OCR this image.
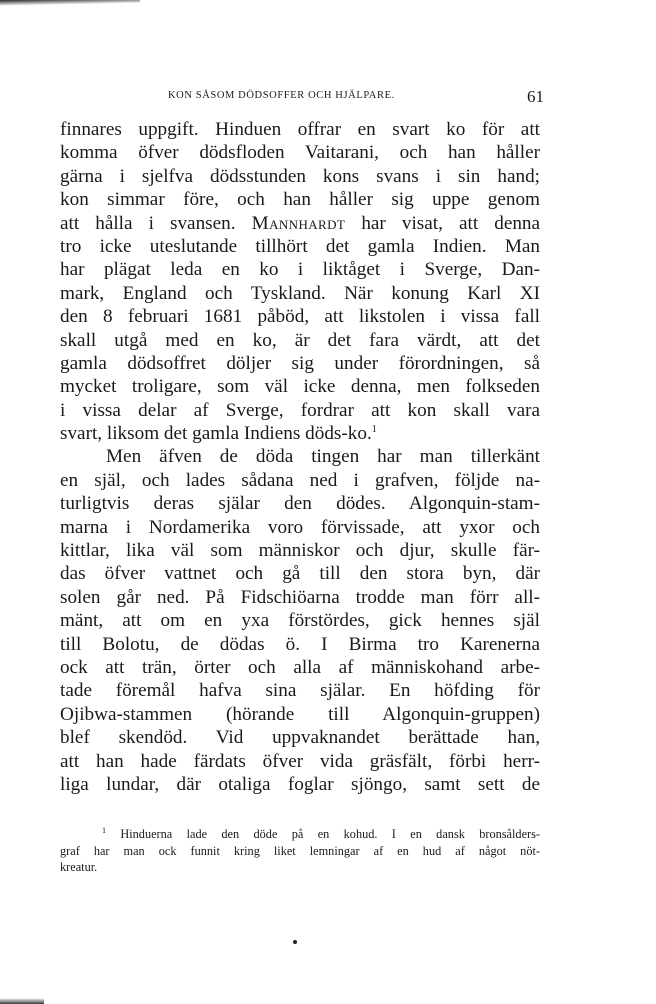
KON SÅSOM DÖDSOFFER OCH HJÄLPARE.	61
finnares uppgift. Hinduen offrar en svart ko för att
komma öfver dödsfloden Vaitarani, och han håller
gärna i sjelfva dödsstunden kons svans i sin hand;
kon simmar före, och han håller sig uppe genom
att hålla i svansen. Mannhardt har visat, att denna
tro icke uteslutande tillhört det gamla Indien. Man
har plägat leda en ko i liktåget i Sverge, Dan-
mark, England och Tyskland. När konung Karl XI
den 8 februari 1681 påböd, att likstolen i vissa fall
skall utgå med en ko, är det fara värdt, att det
gamla dödsoffret döljer sig under förordningen, så
mycket troligare, som väl icke denna, men folkseden
i vissa delar af Sverge, fordrar att kon skall vara
svart, liksom det gamla Indiens döds-ko.$^1$
Men äfven de döda tingen har man tillerkänt
en själ, och lades sådana ned i grafven, följde na-
turligtvis deras själar den dödes. Algonquin-stam-
marna i Nordamerika voro förvissade, att yxor och
kittlar, lika väl som människor och djur, skulle fär-
das öfver vattnet och gå till den stora byn, där
solen går ned. På Fidschiöarna trodde man förr all-
mänt, att om en yxa förstördes, gick hennes själ
till Bolotu, de dödas ö. I Birma tro Karenerna
ock att trän, örter och alla af människohand arbe-
tade föremål hafva sina själar. En höfding för
Ojibwa-stammen (hörande till Algonquin-gruppen)
blef skendöd. Vid uppvaknandet berättade han,
att han hade färdats öfver vida gräsfält, förbi herr-
liga lundar, där otaliga foglar sjöngo, samt sett de
$^1$ Hinduerna lade den döde på en kohud. I en dansk bronsålders-
graf har man ock funnit kring liket lemningar af en hud af något nöt-
kreatur.
